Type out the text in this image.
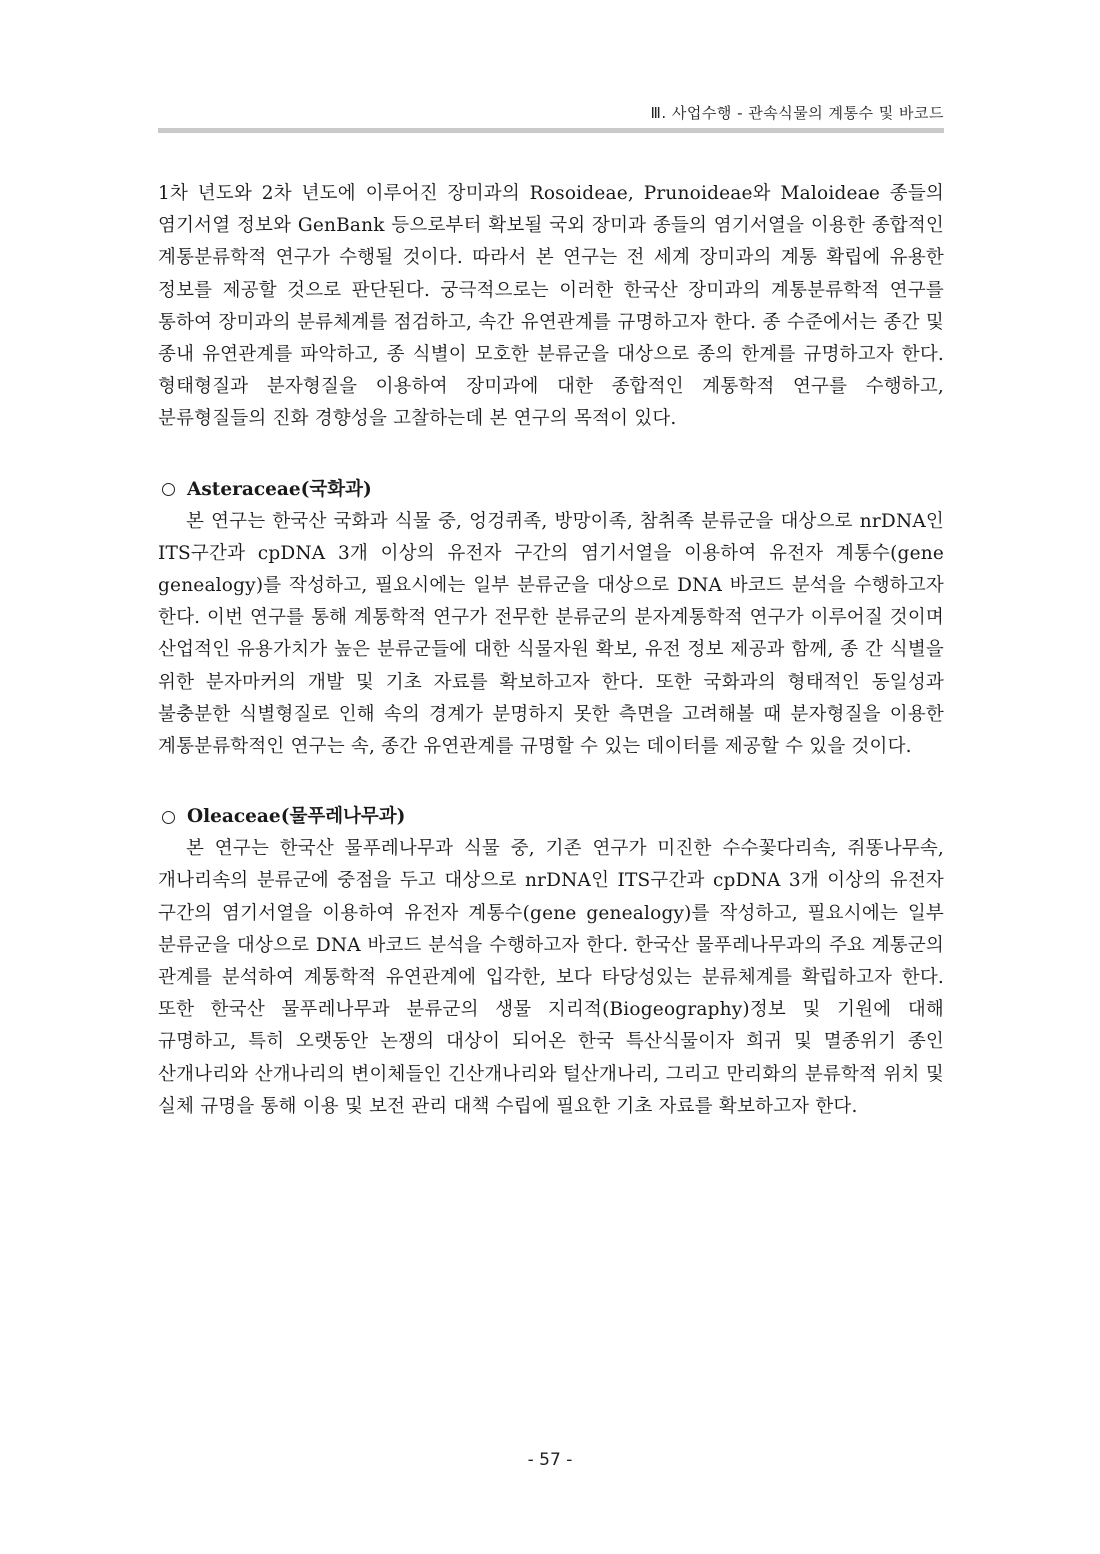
Ⅲ. 사업수행 - 관속식물의 계통수 및 바코드

1차 년도와 2차 년도에 이루어진 장미과의 Rosoideae, Prunoideae와 Maloideae 종들의 염기서열 정보와 GenBank 등으로부터 확보될 국외 장미과 종들의 염기서열을 이용한 종합적인 계통분류학적 연구가 수행될 것이다. 따라서 본 연구는 전 세계 장미과의 계통 확립에 유용한 정보를 제공할 것으로 판단된다. 궁극적으로는 이러한 한국산 장미과의 계통분류학적 연구를 통하여 장미과의 분류체계를 점검하고, 속간 유연관계를 규명하고자 한다. 종 수준에서는 종간 및 종내 유연관계를 파악하고, 종 식별이 모호한 분류군을 대상으로 종의 한계를 규명하고자 한다. 형태형질과 분자형질을 이용하여 장미과에 대한 종합적인 계통학적 연구를 수행하고, 분류형질들의 진화 경향성을 고찰하는데 본 연구의 목적이 있다.

Asteraceae(국화과)

본 연구는 한국산 국화과 식물 중, 엉겅퀴족, 방망이족, 참취족 분류군을 대상으로 nrDNA인 ITS구간과 cpDNA 3개 이상의 유전자 구간의 염기서열을 이용하여 유전자 계통수(gene genealogy)를 작성하고, 필요시에는 일부 분류군을 대상으로 DNA 바코드 분석을 수행하고자 한다. 이번 연구를 통해 계통학적 연구가 전무한 분류군의 분자계통학적 연구가 이루어질 것이며 산업적인 유용가치가 높은 분류군들에 대한 식물자원 확보, 유전 정보 제공과 함께, 종 간 식별을 위한 분자마커의 개발 및 기초 자료를 확보하고자 한다. 또한 국화과의 형태적인 동일성과 불충분한 식별형질로 인해 속의 경계가 분명하지 못한 측면을 고려해볼 때 분자형질을 이용한 계통분류학적인 연구는 속, 종간 유연관계를 규명할 수 있는 데이터를 제공할 수 있을 것이다.

Oleaceae(물푸레나무과)

본 연구는 한국산 물푸레나무과 식물 중, 기존 연구가 미진한 수수꽃다리속, 쥐똥나무속, 개나리속의 분류군에 중점을 두고 대상으로 nrDNA인 ITS구간과 cpDNA 3개 이상의 유전자 구간의 염기서열을 이용하여 유전자 계통수(gene genealogy)를 작성하고, 필요시에는 일부 분류군을 대상으로 DNA 바코드 분석을 수행하고자 한다. 한국산 물푸레나무과의 주요 계통군의 관계를 분석하여 계통학적 유연관계에 입각한, 보다 타당성있는 분류체계를 확립하고자 한다. 또한 한국산 물푸레나무과 분류군의 생물 지리적(Biogeography)정보 및 기원에 대해 규명하고, 특히 오랫동안 논쟁의 대상이 되어온 한국 특산식물이자 희귀 및 멸종위기 종인 산개나리와 산개나리의 변이체들인 긴산개나리와 털산개나리, 그리고 만리화의 분류학적 위치 및 실체 규명을 통해 이용 및 보전 관리 대책 수립에 필요한 기초 자료를 확보하고자 한다.

- 57 -
